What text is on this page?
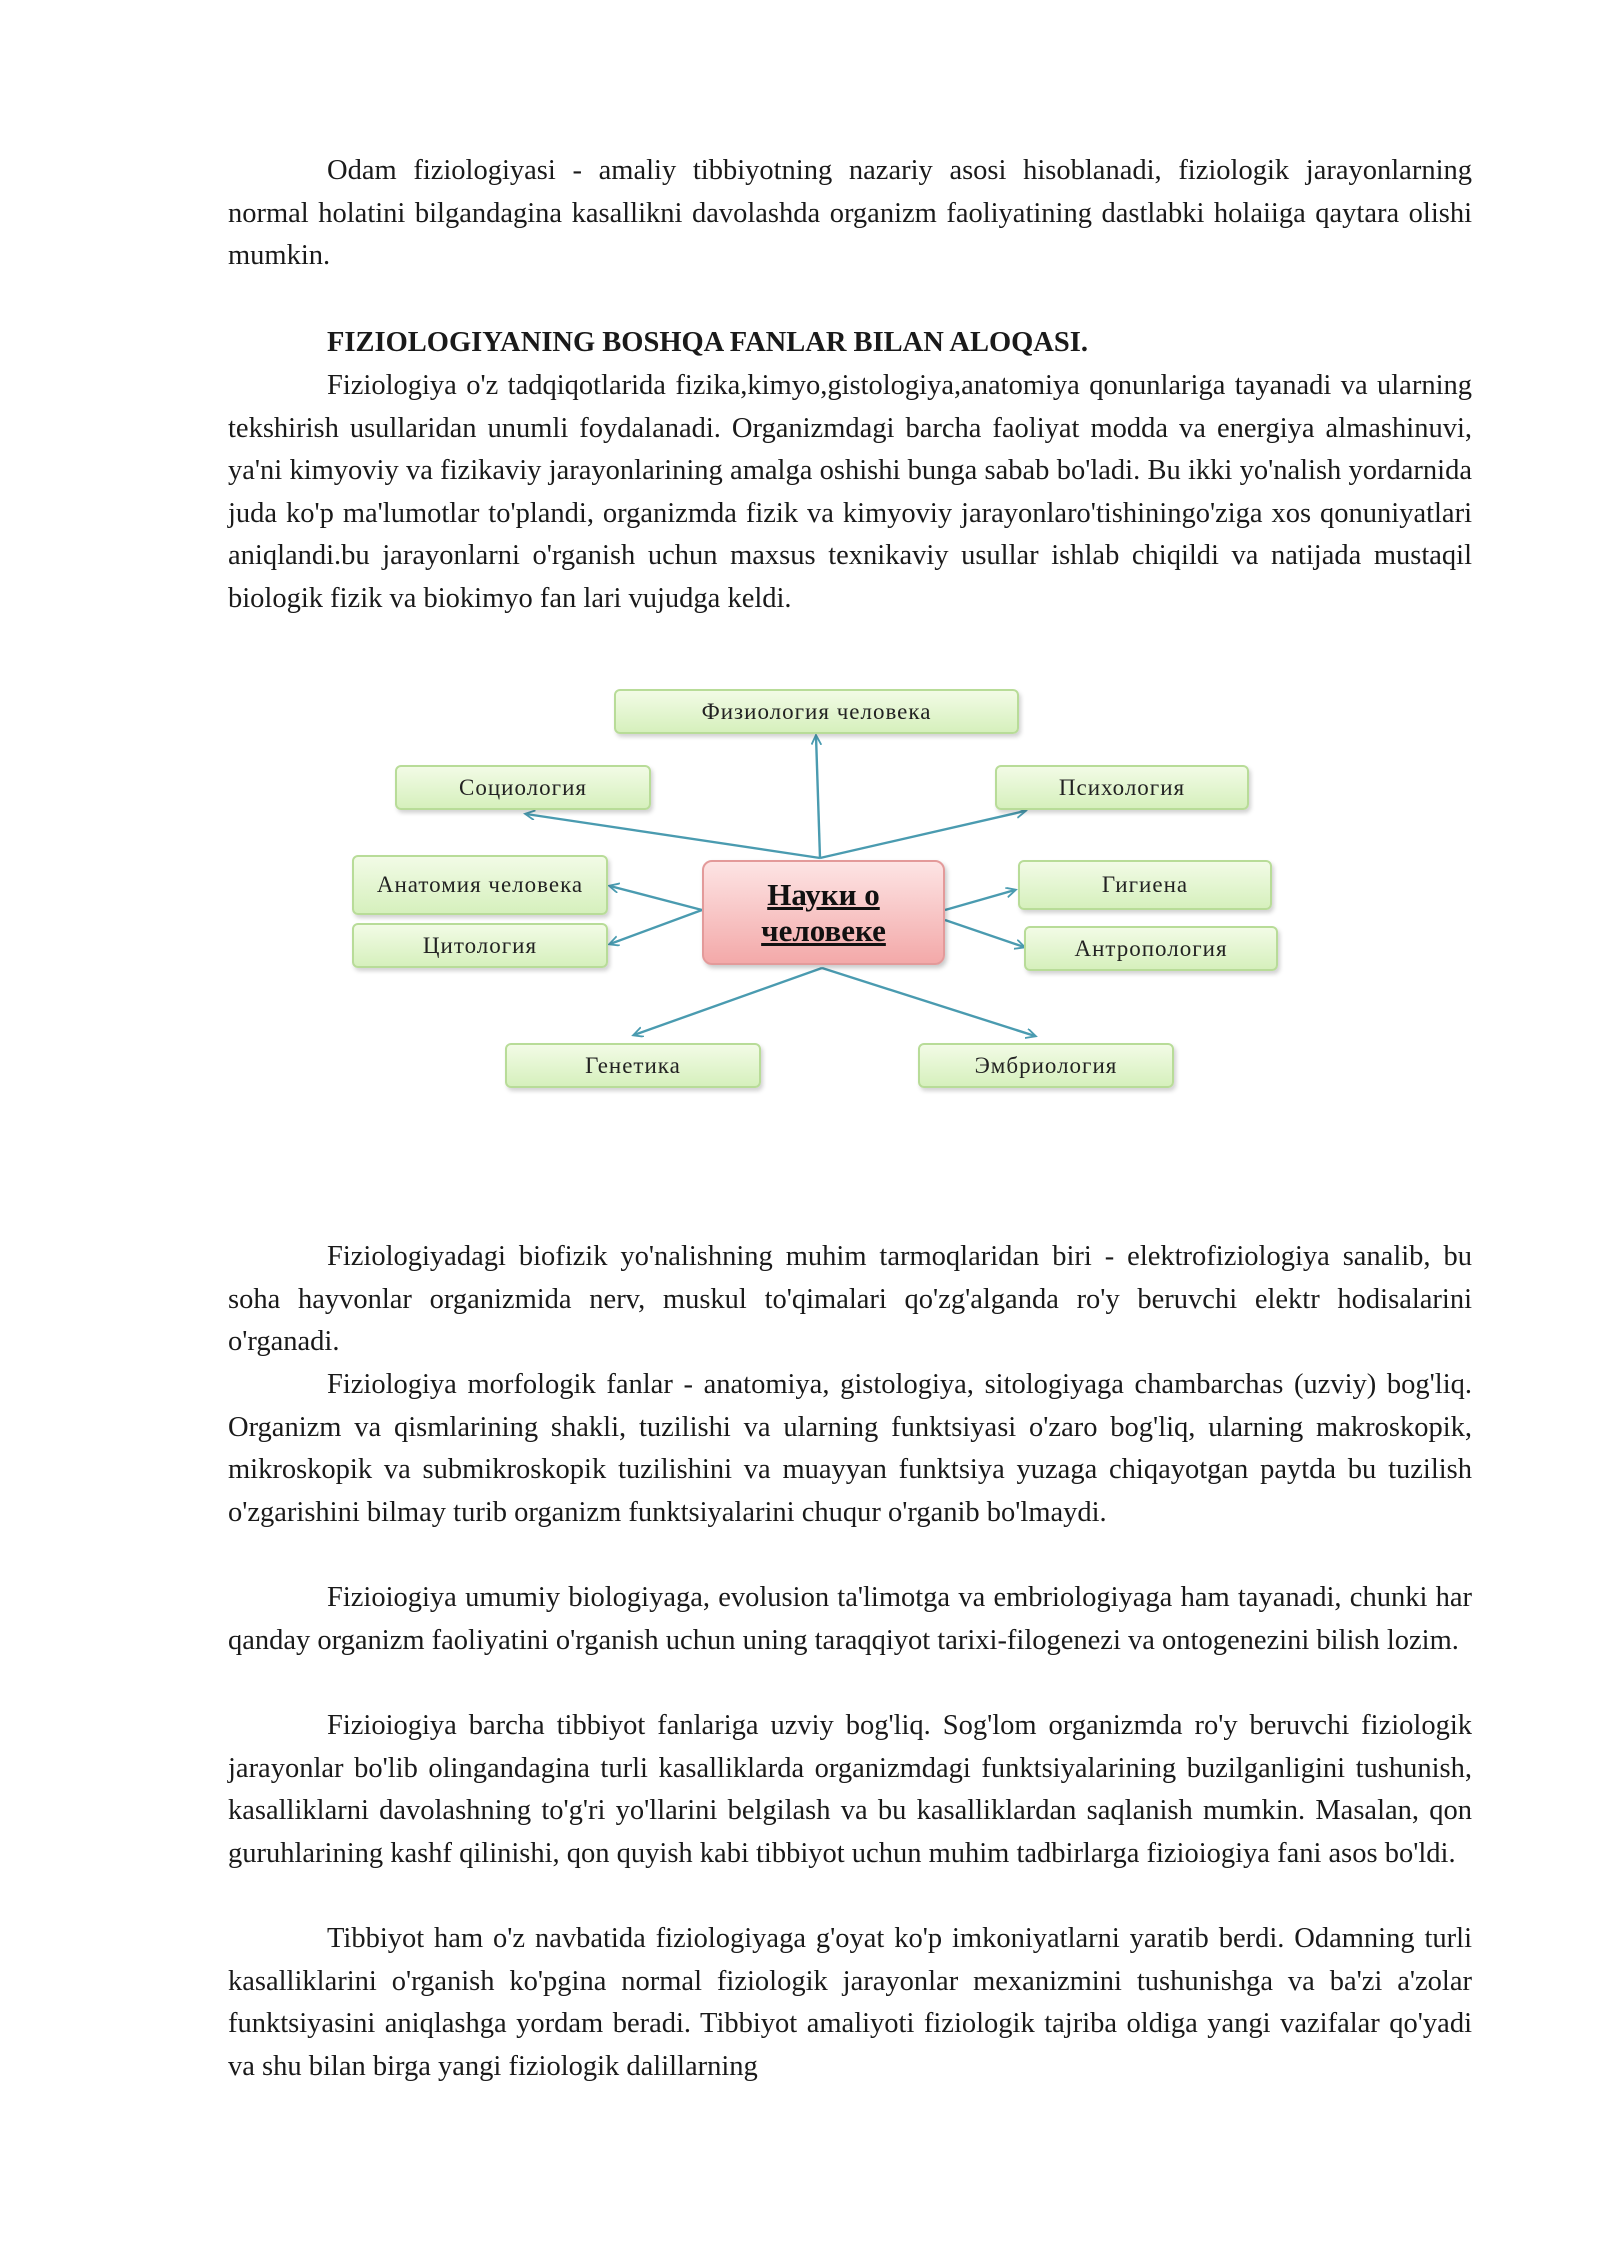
Odam fiziologiyasi - amaliy tibbiyotning nazariy asosi hisoblanadi, fiziologik jarayonlarning normal holatini bilgandagina kasallikni davolashda organizm faoliyatining dastlabki holaiiga qaytara olishi mumkin.

FIZIOLOGIYANING BOSHQA FANLAR BILAN ALOQASI.

Fiziologiya o'z tadqiqotlarida fizika,kimyo,gistologiya,anatomiya qonunlariga tayanadi va ularning tekshirish usullaridan unumli foydalanadi. Organizmdagi barcha faoliyat modda va energiya almashinuvi, ya'ni kimyoviy va fizikaviy jarayonlarining amalga oshishi bunga sabab bo'ladi. Bu ikki yo'nalish yordarnida juda ko'p ma'lumotlar to'plandi, organizmda fizik va kimyoviy jarayonlaro'tishiningo'ziga xos qonuniyatlari aniqlandi.bu jarayonlarni o'rganish uchun maxsus texnikaviy usullar ishlab chiqildi va natijada mustaqil biologik fizik va biokimyo fan lari vujudga keldi.

Физиология человека
Социология	Психология
Анатомия человека
Цитология
Науки о человеке
Гигиена
Антропология
Генетика	Эмбриология

Fiziologiyadagi biofizik yo'nalishning muhim tarmoqlaridan biri - elektrofiziologiya sanalib, bu soha hayvonlar organizmida nerv, muskul to'qimalari qo'zg'alganda ro'y beruvchi elektr hodisalarini o'rganadi.

Fiziologiya morfologik fanlar - anatomiya, gistologiya, sitologiyaga chambarchas (uzviy) bog'liq. Organizm va qismlarining shakli, tuzilishi va ularning funktsiyasi o'zaro bog'liq, ularning makroskopik, mikroskopik va submikroskopik tuzilishini va muayyan funktsiya yuzaga chiqayotgan paytda bu tuzilish o'zgarishini bilmay turib organizm funktsiyalarini chuqur o'rganib bo'lmaydi.

Fizioiogiya umumiy biologiyaga, evolusion ta'limotga va embriologiyaga ham tayanadi, chunki har qanday organizm faoliyatini o'rganish uchun uning taraqqiyot tarixi-filogenezi va ontogenezini bilish lozim.

Fizioiogiya barcha tibbiyot fanlariga uzviy bog'liq. Sog'lom organizmda ro'y beruvchi fiziologik jarayonlar bo'lib olingandagina turli kasalliklarda organizmdagi funktsiyalarining buzilganligini tushunish, kasalliklarni davolashning to'g'ri yo'llarini belgilash va bu kasalliklardan saqlanish mumkin. Masalan, qon guruhlarining kashf qilinishi, qon quyish kabi tibbiyot uchun muhim tadbirlarga fizioiogiya fani asos bo'ldi.

Tibbiyot ham o'z navbatida fiziologiyaga g'oyat ko'p imkoniyatlarni yaratib berdi. Odamning turli kasalliklarini o'rganish ko'pgina normal fiziologik jarayonlar mexanizmini tushunishga va ba'zi a'zolar funktsiyasini aniqlashga yordam beradi. Tibbiyot amaliyoti fiziologik tajriba oldiga yangi vazifalar qo'yadi va shu bilan birga yangi fiziologik dalillarning
